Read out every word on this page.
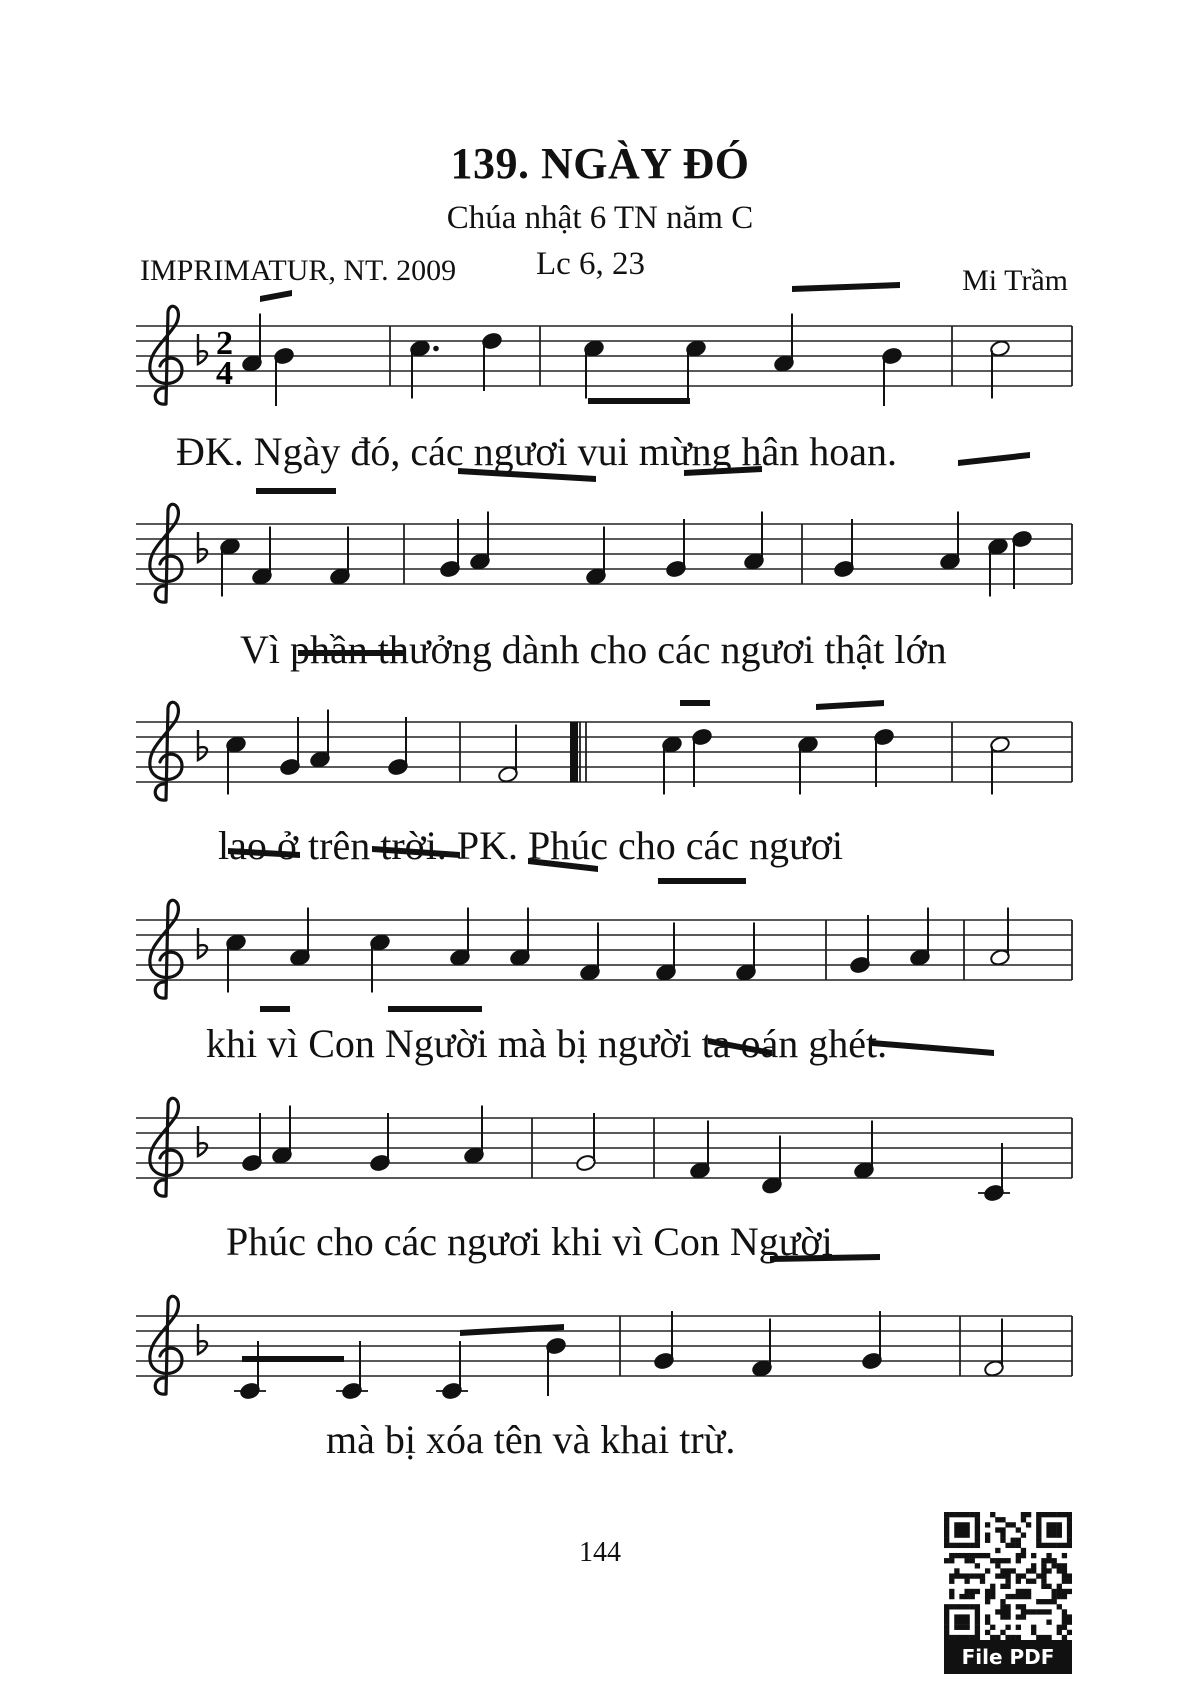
139. NGÀY ĐÓ
Chúa nhật 6 TN năm C
IMPRIMATUR, NT. 2009 Lc 6, 23	Mi Trầm
2
4
ĐK. Ngày đó, các ngươi vui mừng hân hoan.
Vì phần thưởng dành cho các ngươi thật lớn
lao ở trên trời. PK. Phúc cho các ngươi
khi vì Con Người mà bị người ta oán ghét.
Phúc cho các ngươi khi vì Con Người
mà bị xóa tên và khai trừ.
144
File PDF
